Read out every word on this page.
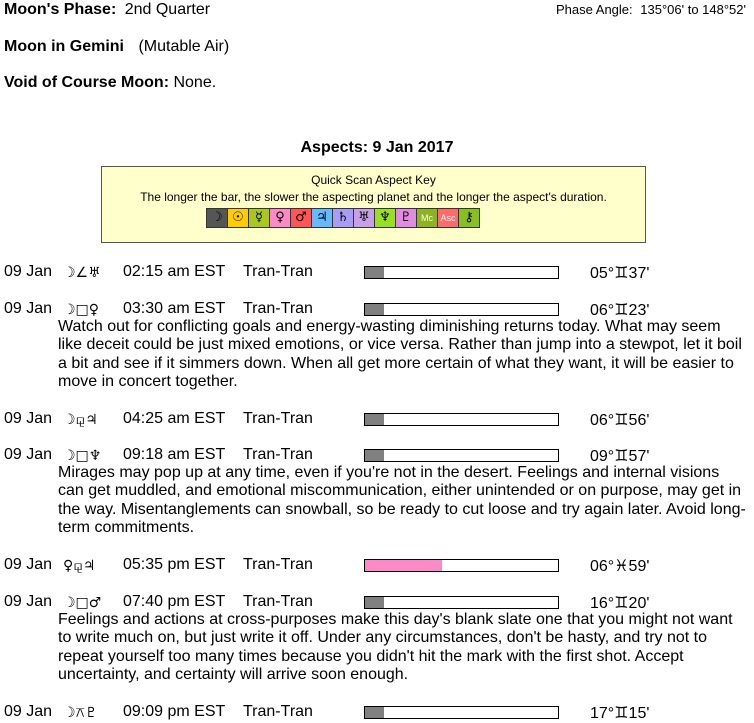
Moon's Phase: 2nd Quarter	Phase Angle: 135°06' to 148°52'
Moon in Gemini (Mutable Air)
Void of Course Moon: None.
Aspects: 9 Jan 2017
Quick Scan Aspect Key
The longer the bar, the slower the aspecting planet and the longer the aspect's duration.
☽ ☉ ☿ ♀ ♂ ♃ ♄ ♅ ♆ ♇	Mc Asc ⚷
09 Jan ☽∠♅ 02:15 am EST Tran-Tran	05°♊37'
09 Jan ☽□♀ 03:30 am EST Tran-Tran	06°♊23'
Watch out for conflicting goals and energy-wasting diminishing returns today. What may seem like deceit could be just mixed emotions, or vice versa. Rather than jump into a stewpot, let it boil a bit and see if it simmers down. When all get more certain of what they want, it will be easier to move in concert together.
09 Jan ☽⚼♃ 04:25 am EST Tran-Tran	06°♊56'
09 Jan ☽□♆ 09:18 am EST Tran-Tran	09°♊57'
Mirages may pop up at any time, even if you're not in the desert. Feelings and internal visions can get muddled, and emotional miscommunication, either unintended or on purpose, may get in the way. Misentanglements can snowball, so be ready to cut loose and try again later. Avoid long-term commitments.
09 Jan ♀⚼♃ 05:35 pm EST Tran-Tran	06°♓59'
09 Jan ☽□♂ 07:40 pm EST Tran-Tran	16°♊20'
Feelings and actions at cross-purposes make this day's blank slate one that you might not want to write much on, but just write it off. Under any circumstances, don't be hasty, and try not to repeat yourself too many times because you didn't hit the mark with the first shot. Accept uncertainty, and certainty will arrive soon enough.
09 Jan ☽⚻♇ 09:09 pm EST Tran-Tran	17°♊15'
